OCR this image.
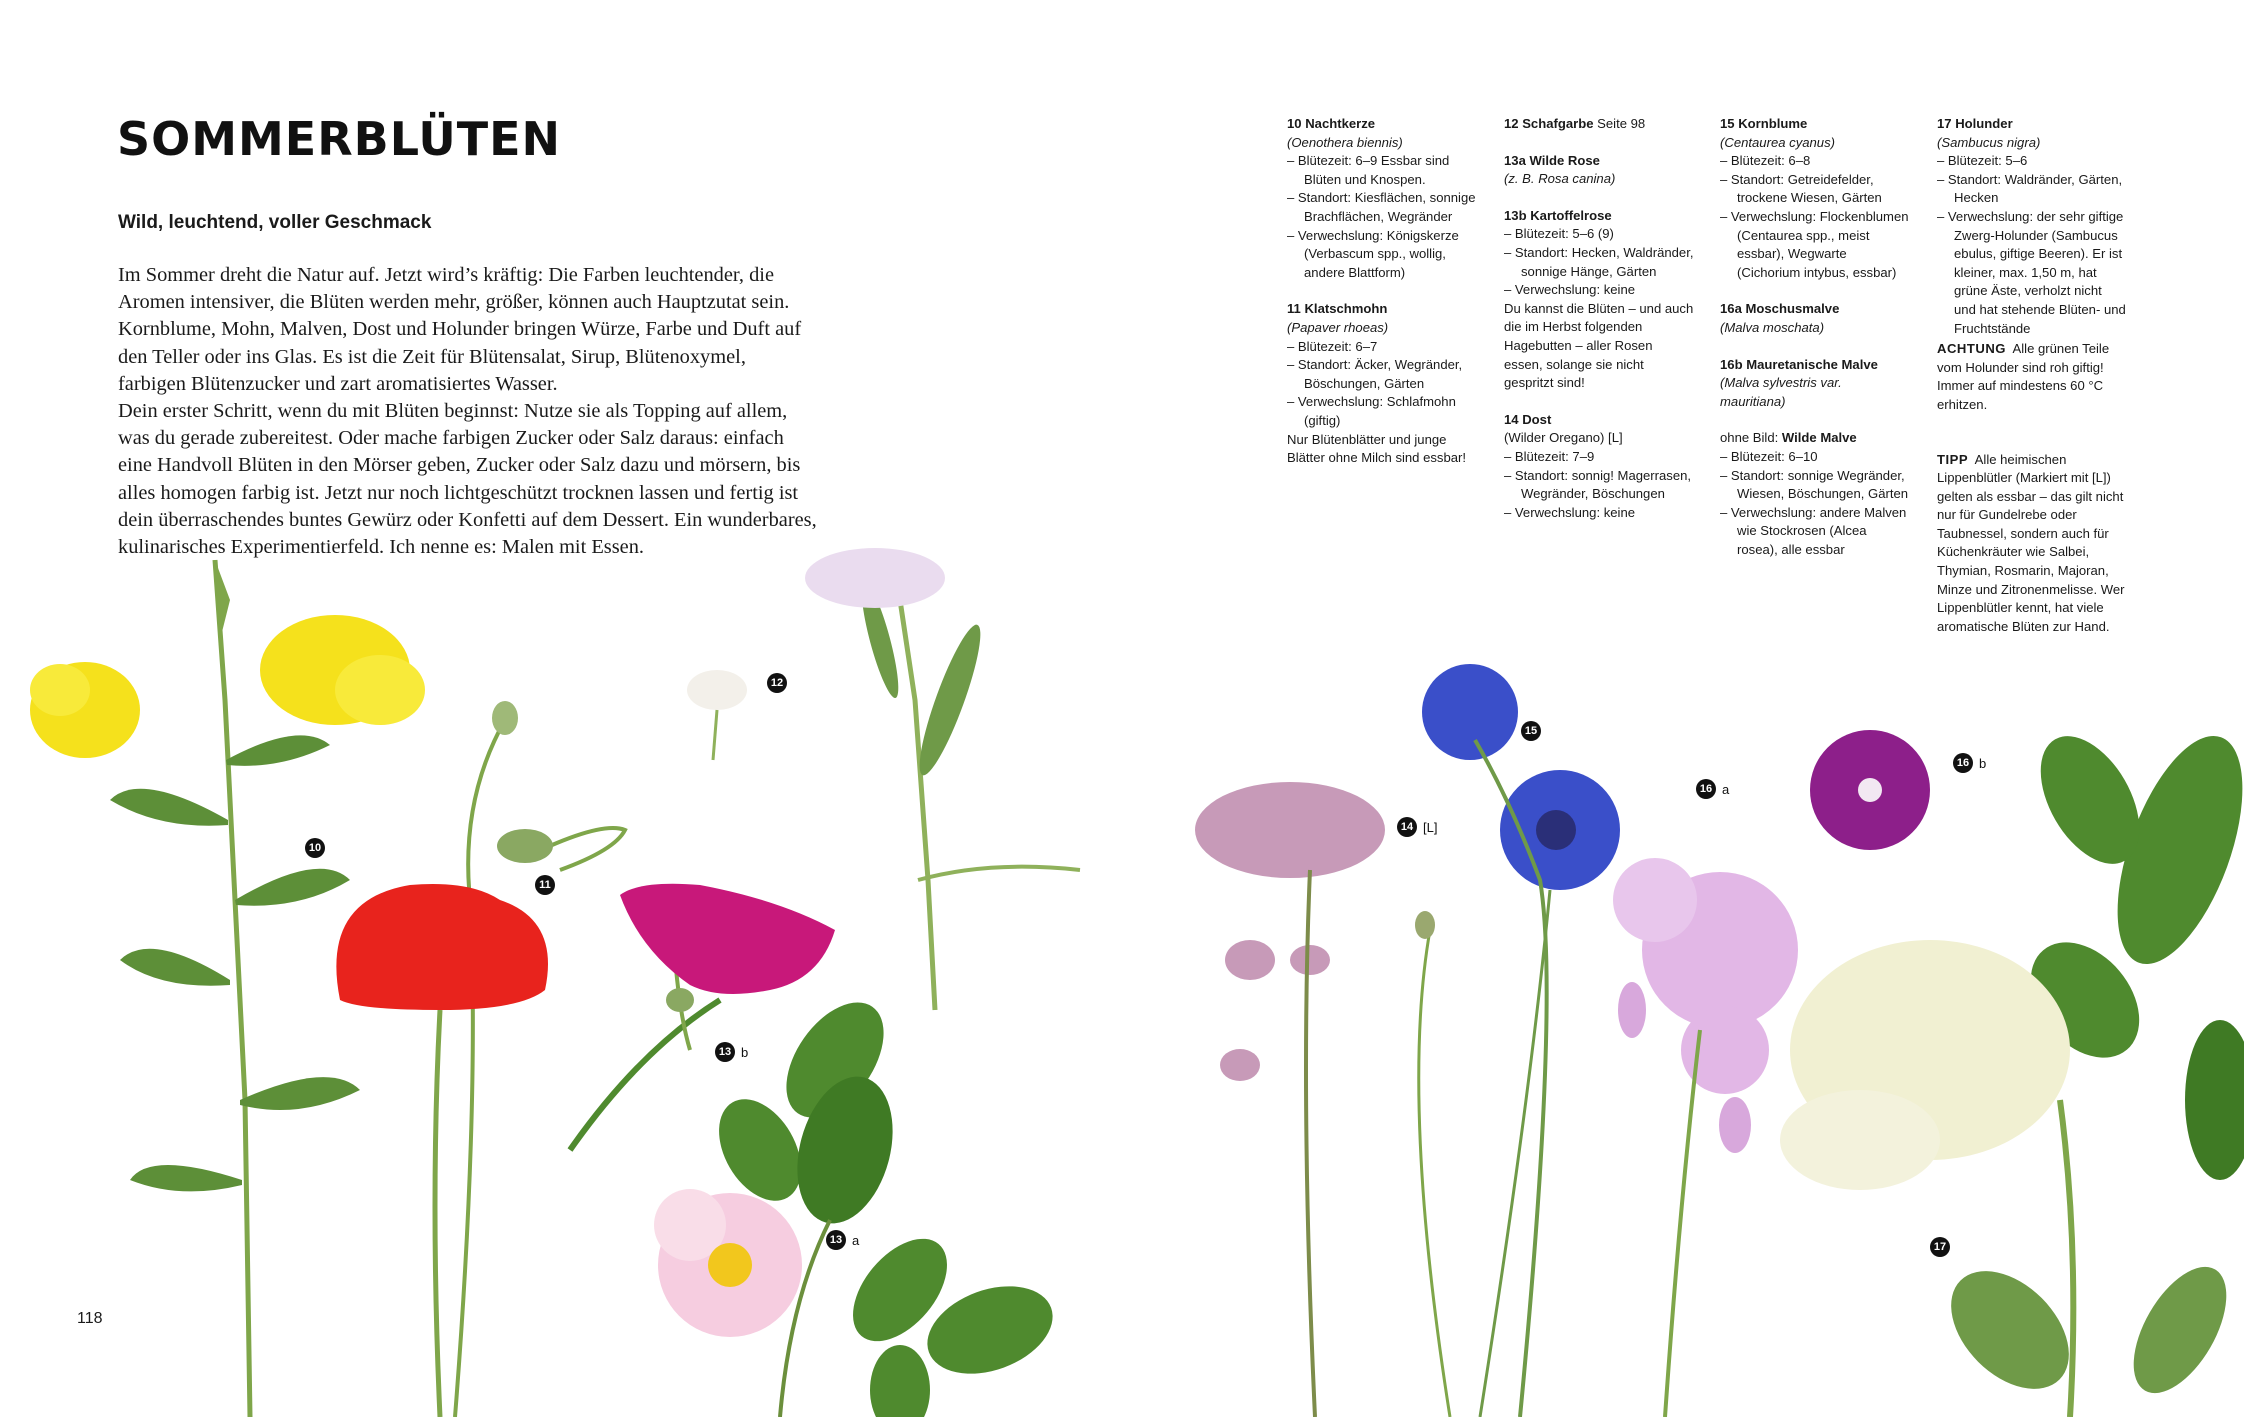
SOMMERBLÜTEN
Wild, leuchtend, voller Geschmack

Im Sommer dreht die Natur auf. Jetzt wird’s kräftig: Die Farben leuchtender, die Aromen intensiver, die Blüten werden mehr, größer, können auch Hauptzutat sein. Kornblume, Mohn, Malven, Dost und Holunder bringen Würze, Farbe und Duft auf den Teller oder ins Glas. Es ist die Zeit für Blütensalat, Sirup, Blütenoxymel, farbigen Blütenzucker und zart aromatisiertes Wasser.

Dein erster Schritt, wenn du mit Blüten beginnst: Nutze sie als Topping auf allem, was du gerade zubereitest. Oder mache farbigen Zucker oder Salz daraus: einfach eine Handvoll Blüten in den Mörser geben, Zucker oder Salz dazu und mörsern, bis alles homogen farbig ist. Jetzt nur noch lichtgeschützt trocknen lassen und fertig ist dein überraschendes buntes Gewürz oder Konfetti auf dem Dessert. Ein wunderbares, kulinarisches Experimentierfeld. Ich nenne es: Malen mit Essen.

118
10 Nachtkerze
(Oenothera biennis)
– Blütezeit: 6–9 Essbar sind Blüten und Knospen.
– Standort: Kiesflächen, sonnige Brachflächen, Wegränder
– Verwechslung: Königskerze (Verbascum spp., wollig, andere Blattform)
11 Klatschmohn
(Papaver rhoeas)
– Blütezeit: 6–7
– Standort: Äcker, Wegränder, Böschungen, Gärten
– Verwechslung: Schlafmohn (giftig)
Nur Blütenblätter und junge Blätter ohne Milch sind essbar!
12 Schafgarbe Seite 98
13a Wilde Rose
(z. B. Rosa canina)
13b Kartoffelrose
– Blütezeit: 5–6 (9)
– Standort: Hecken, Waldränder, sonnige Hänge, Gärten
– Verwechslung: keine
Du kannst die Blüten – und auch die im Herbst folgenden Hagebutten – aller Rosen essen, solange sie nicht gespritzt sind!
14 Dost
(Wilder Oregano) [L]
– Blütezeit: 7–9
– Standort: sonnig! Magerrasen, Wegränder, Böschungen
– Verwechslung: keine
15 Kornblume
(Centaurea cyanus)
– Blütezeit: 6–8
– Standort: Getreidefelder, trockene Wiesen, Gärten
– Verwechslung: Flockenblumen (Centaurea spp., meist essbar), Wegwarte (Cichorium intybus, essbar)
16a Moschusmalve
(Malva moschata)
16b Mauretanische Malve
(Malva sylvestris var. mauritiana)
ohne Bild: Wilde Malve
– Blütezeit: 6–10
– Standort: sonnige Wegränder, Wiesen, Böschungen, Gärten
– Verwechslung: andere Malven wie Stockrosen (Alcea rosea), alle essbar
17 Holunder
(Sambucus nigra)
– Blütezeit: 5–6
– Standort: Waldränder, Gärten, Hecken
– Verwechslung: der sehr giftige Zwerg-Holunder (Sambucus ebulus, giftige Beeren). Er ist kleiner, max. 1,50 m, hat grüne Äste, verholzt nicht und hat stehende Blüten- und Fruchtstände
ACHTUNG Alle grünen Teile vom Holunder sind roh giftig! Immer auf mindestens 60 °C erhitzen.
TIPP Alle heimischen Lippenblütler (Markiert mit [L]) gelten als essbar – das gilt nicht nur für Gundelrebe oder Taubnessel, sondern auch für Küchenkräuter wie Salbei, Thymian, Rosmarin, Majoran, Minze und Zitronenmelisse. Wer Lippenblütler kennt, hat viele aromatische Blüten zur Hand.
10
11
12
13 b
13 a
14 [L]
15
16 a
16 b
17
